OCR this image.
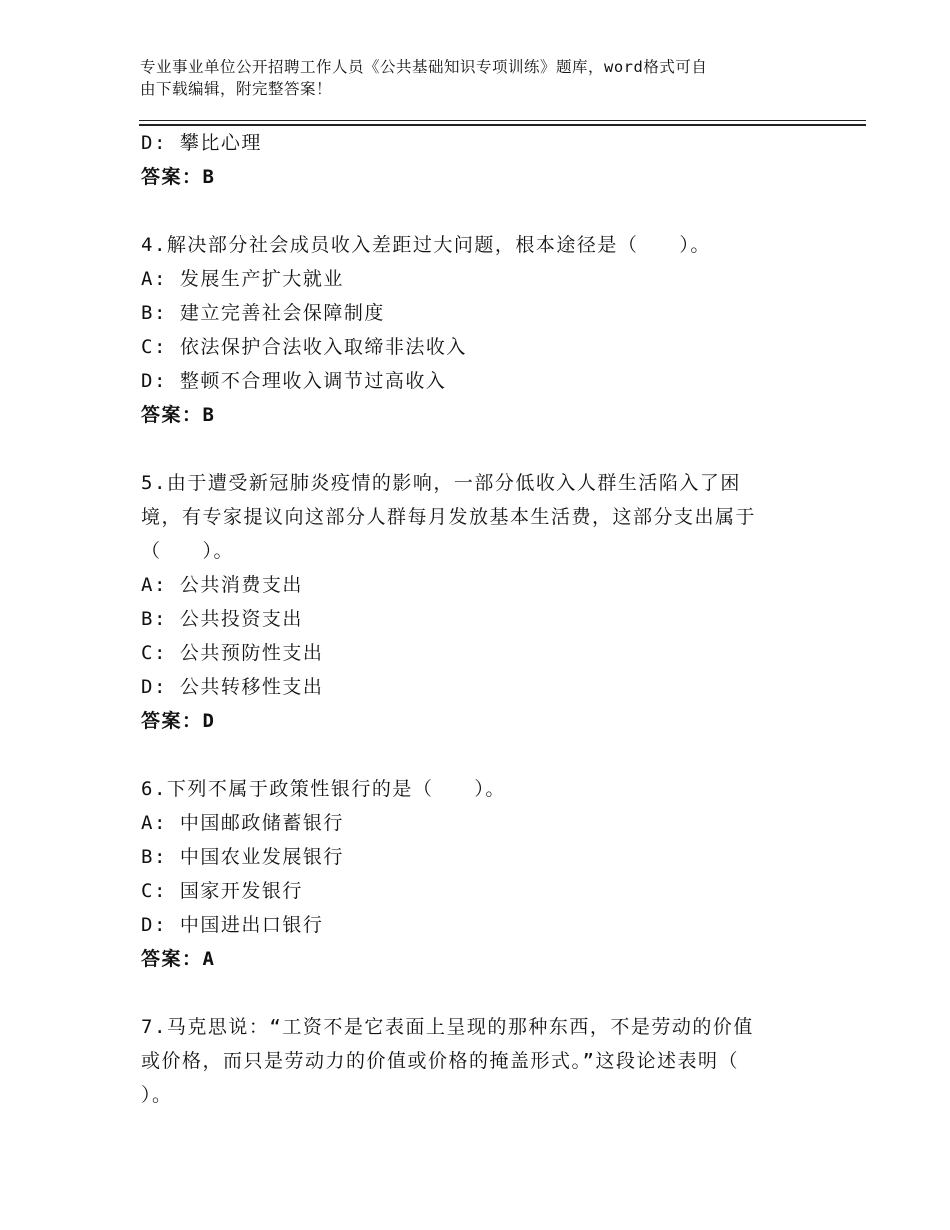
专业事业单位公开招聘工作人员《公共基础知识专项训练》题库，word格式可自
由下载编辑，附完整答案！
D: 攀比心理
答案：B
4.解决部分社会成员收入差距过大问题，根本途径是（　　）。
A: 发展生产扩大就业
B: 建立完善社会保障制度
C: 依法保护合法收入取缔非法收入
D: 整顿不合理收入调节过高收入
答案：B
5.由于遭受新冠肺炎疫情的影响，一部分低收入人群生活陷入了困
境，有专家提议向这部分人群每月发放基本生活费，这部分支出属于
（　　）。
A: 公共消费支出
B: 公共投资支出
C: 公共预防性支出
D: 公共转移性支出
答案：D
6.下列不属于政策性银行的是（　　）。
A: 中国邮政储蓄银行
B: 中国农业发展银行
C: 国家开发银行
D: 中国进出口银行
答案：A
7.马克思说：“工资不是它表面上呈现的那种东西，不是劳动的价值
或价格，而只是劳动力的价值或价格的掩盖形式。”这段论述表明（
）。
